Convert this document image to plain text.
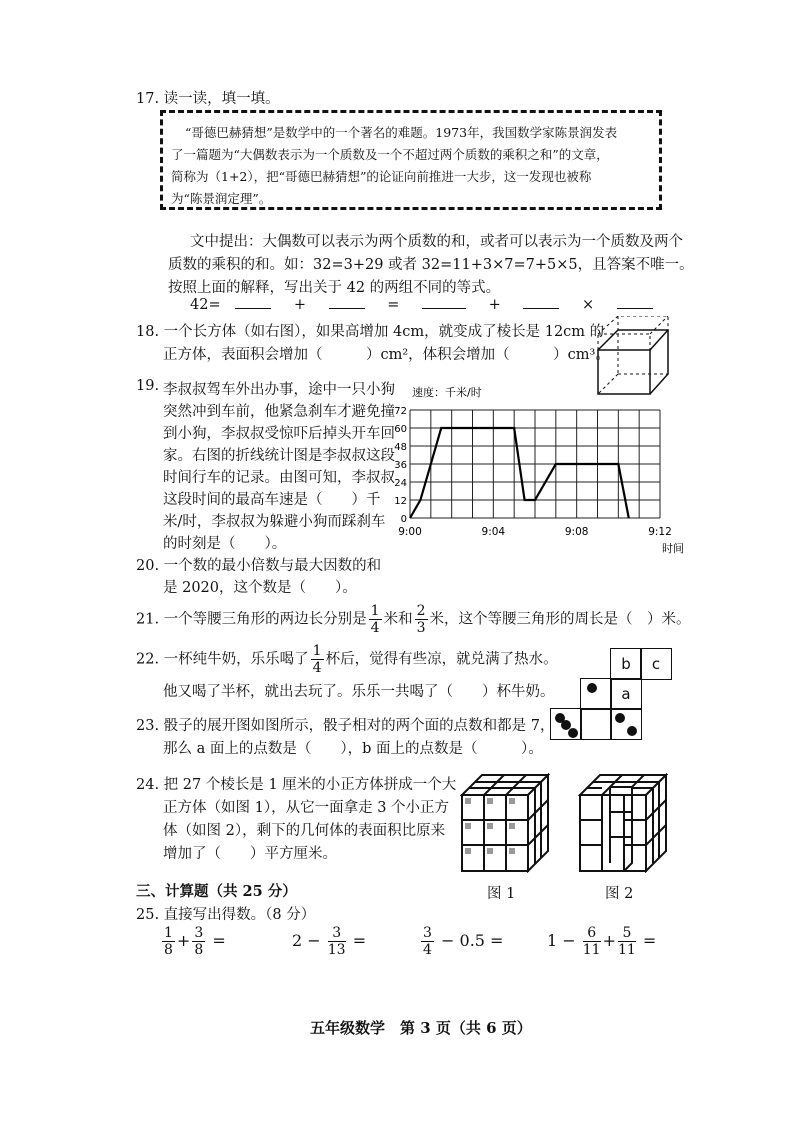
17. 读一读，填一填。
“哥德巴赫猜想”是数学中的一个著名的难题。1973年，我国数学家陈景润发表
了一篇题为“大偶数表示为一个质数及一个不超过两个质数的乘积之和”的文章，
简称为（1+2），把“哥德巴赫猜想”的论证向前推进一大步，这一发现也被称
为“陈景润定理”。
文中提出：大偶数可以表示为两个质数的和，或者可以表示为一个质数及两个
质数的乘积的和。如：32=3+29 或者 32=11+3×7=7+5×5，且答案不唯一。
按照上面的解释，写出关于 42 的两组不同的等式。
42=	+	=	+	×
18. 一个长方体（如右图），如果高增加 4cm，就变成了棱长是 12cm 的
正方体，表面积会增加（　　　）cm²，体积会增加（　　　）cm³。
19. 李叔叔驾车外出办事，途中一只小狗
突然冲到车前，他紧急刹车才避免撞
到小狗，李叔叔受惊吓后掉头开车回
家。右图的折线统计图是李叔叔这段
时间行车的记录。由图可知，李叔叔
这段时间的最高车速是（　　）千
米/时，李叔叔为躲避小狗而踩刹车
的时刻是（　　）。
速度：千米/时
时间
0
12
24
36
48
60
72
9:00	9:04	9:08	9:12
20. 一个数的最小倍数与最大因数的和
是 2020，这个数是（　　）。
21. 一个等腰三角形的两边长分别是 $\frac{1}{4}$ 米和 $\frac{2}{3}$ 米，这个等腰三角形的周长是（　）米。
22. 一杯纯牛奶，乐乐喝了 $\frac{1}{4}$ 杯后，觉得有些凉，就兑满了热水。
他又喝了半杯，就出去玩了。乐乐一共喝了（　　）杯牛奶。
b	c
a
23. 骰子的展开图如图所示，骰子相对的两个面的点数和都是 7，
那么 a 面上的点数是（　　），b 面上的点数是（　　　）。
24. 把 27 个棱长是 1 厘米的小正方体拼成一个大
正方体（如图 1），从它一面拿走 3 个小正方
体（如图 2），剩下的几何体的表面积比原来
增加了（　　）平方厘米。
图 1	图 2
三、计算题（共 25 分）
25. 直接写出得数。（8 分）
$\frac{1}{8} + \frac{3}{8}$ =	$2 - \frac{3}{13}$ =	$\frac{3}{4} - 0.5$ =	$1 - \frac{6}{11} + \frac{5}{11}$ =
五年级数学　第 3 页（共 6 页）
